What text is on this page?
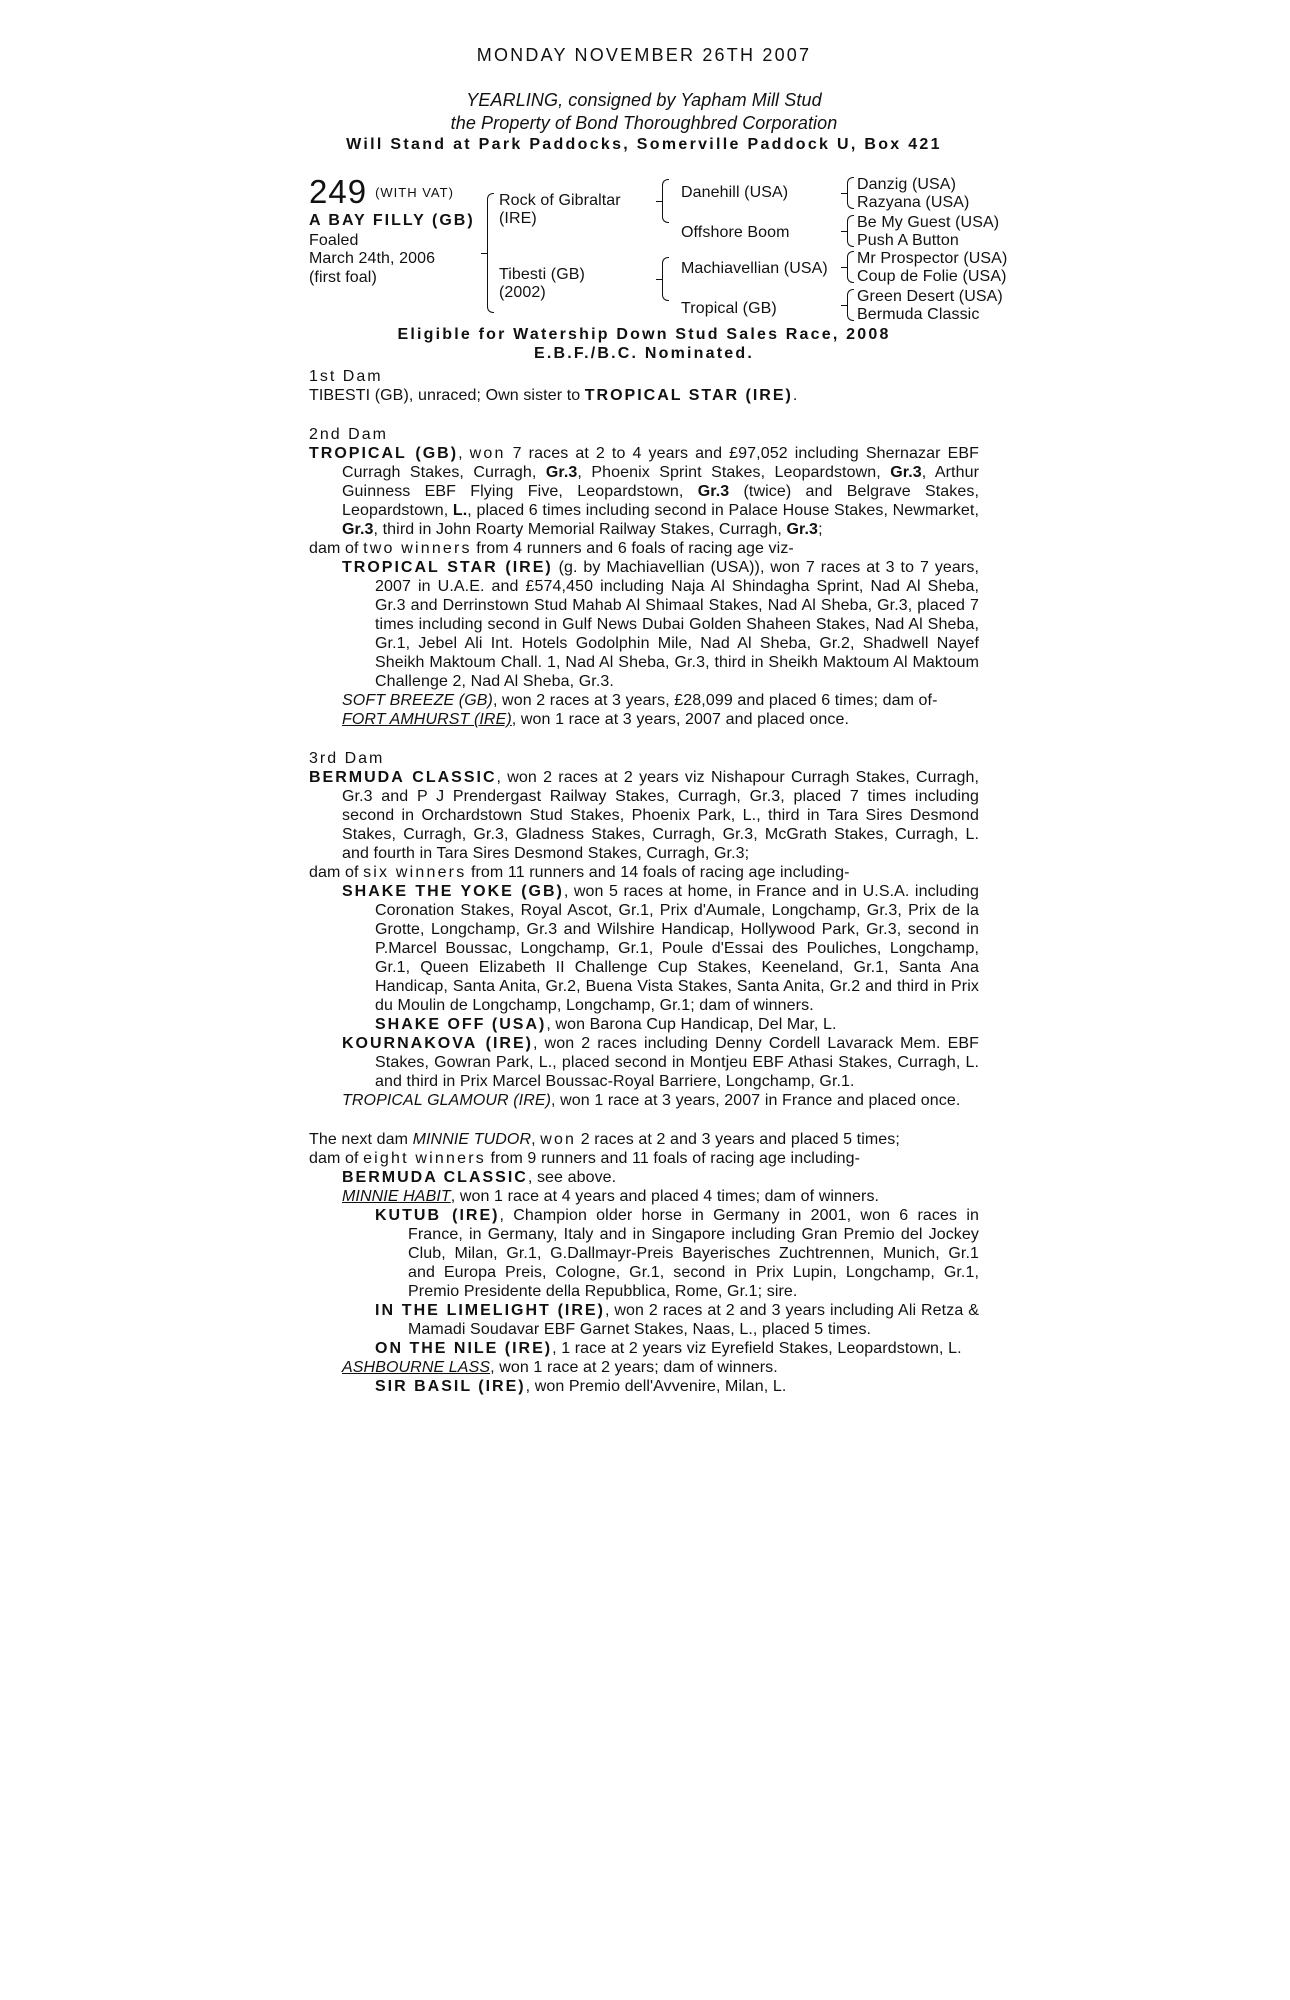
MONDAY NOVEMBER 26TH 2007
YEARLING, consigned by Yapham Mill Stud
the Property of Bond Thoroughbred Corporation
Will Stand at Park Paddocks, Somerville Paddock U, Box 421
249 $^{(WITH VAT)}$
A BAY FILLY (GB)
Foaled
March 24th, 2006
(first foal)
Rock of Gibraltar
(IRE)
Tibesti (GB)
(2002)
Danehill (USA)
Offshore Boom
Machiavellian (USA)
Tropical (GB)
Danzig (USA)
Razyana (USA)
Be My Guest (USA)
Push A Button
Mr Prospector (USA)
Coup de Folie (USA)
Green Desert (USA)
Bermuda Classic
Eligible for Watership Down Stud Sales Race, 2008
E.B.F./B.C. Nominated.
1st Dam

TIBESTI (GB), unraced; Own sister to TROPICAL STAR (IRE).

2nd Dam

TROPICAL (GB), won 7 races at 2 to 4 years and £97,052 including Shernazar EBF Curragh Stakes, Curragh, Gr.3, Phoenix Sprint Stakes, Leopardstown, Gr.3, Arthur Guinness EBF Flying Five, Leopardstown, Gr.3 (twice) and Belgrave Stakes, Leopardstown, L., placed 6 times including second in Palace House Stakes, Newmarket, Gr.3, third in John Roarty Memorial Railway Stakes, Curragh, Gr.3;

dam of two winners from 4 runners and 6 foals of racing age viz-

TROPICAL STAR (IRE) (g. by Machiavellian (USA)), won 7 races at 3 to 7 years, 2007 in U.A.E. and £574,450 including Naja Al Shindagha Sprint, Nad Al Sheba, Gr.3 and Derrinstown Stud Mahab Al Shimaal Stakes, Nad Al Sheba, Gr.3, placed 7 times including second in Gulf News Dubai Golden Shaheen Stakes, Nad Al Sheba, Gr.1, Jebel Ali Int. Hotels Godolphin Mile, Nad Al Sheba, Gr.2, Shadwell Nayef Sheikh Maktoum Chall. 1, Nad Al Sheba, Gr.3, third in Sheikh Maktoum Al Maktoum Challenge 2, Nad Al Sheba, Gr.3.

SOFT BREEZE (GB), won 2 races at 3 years, £28,099 and placed 6 times; dam of-

FORT AMHURST (IRE), won 1 race at 3 years, 2007 and placed once.

3rd Dam

BERMUDA CLASSIC, won 2 races at 2 years viz Nishapour Curragh Stakes, Curragh, Gr.3 and P J Prendergast Railway Stakes, Curragh, Gr.3, placed 7 times including second in Orchardstown Stud Stakes, Phoenix Park, L., third in Tara Sires Desmond Stakes, Curragh, Gr.3, Gladness Stakes, Curragh, Gr.3, McGrath Stakes, Curragh, L. and fourth in Tara Sires Desmond Stakes, Curragh, Gr.3;

dam of six winners from 11 runners and 14 foals of racing age including-

SHAKE THE YOKE (GB), won 5 races at home, in France and in U.S.A. including Coronation Stakes, Royal Ascot, Gr.1, Prix d'Aumale, Longchamp, Gr.3, Prix de la Grotte, Longchamp, Gr.3 and Wilshire Handicap, Hollywood Park, Gr.3, second in P.Marcel Boussac, Longchamp, Gr.1, Poule d'Essai des Pouliches, Longchamp, Gr.1, Queen Elizabeth II Challenge Cup Stakes, Keeneland, Gr.1, Santa Ana Handicap, Santa Anita, Gr.2, Buena Vista Stakes, Santa Anita, Gr.2 and third in Prix du Moulin de Longchamp, Longchamp, Gr.1; dam of winners.

SHAKE OFF (USA), won Barona Cup Handicap, Del Mar, L.

KOURNAKOVA (IRE), won 2 races including Denny Cordell Lavarack Mem. EBF Stakes, Gowran Park, L., placed second in Montjeu EBF Athasi Stakes, Curragh, L. and third in Prix Marcel Boussac-Royal Barriere, Longchamp, Gr.1.

TROPICAL GLAMOUR (IRE), won 1 race at 3 years, 2007 in France and placed once.

The next dam MINNIE TUDOR, won 2 races at 2 and 3 years and placed 5 times;

dam of eight winners from 9 runners and 11 foals of racing age including-

BERMUDA CLASSIC, see above.

MINNIE HABIT, won 1 race at 4 years and placed 4 times; dam of winners.

KUTUB (IRE), Champion older horse in Germany in 2001, won 6 races in France, in Germany, Italy and in Singapore including Gran Premio del Jockey Club, Milan, Gr.1, G.Dallmayr-Preis Bayerisches Zuchtrennen, Munich, Gr.1 and Europa Preis, Cologne, Gr.1, second in Prix Lupin, Longchamp, Gr.1, Premio Presidente della Repubblica, Rome, Gr.1; sire.

IN THE LIMELIGHT (IRE), won 2 races at 2 and 3 years including Ali Retza & Mamadi Soudavar EBF Garnet Stakes, Naas, L., placed 5 times.

ON THE NILE (IRE), 1 race at 2 years viz Eyrefield Stakes, Leopardstown, L.

ASHBOURNE LASS, won 1 race at 2 years; dam of winners.

SIR BASIL (IRE), won Premio dell'Avvenire, Milan, L.
